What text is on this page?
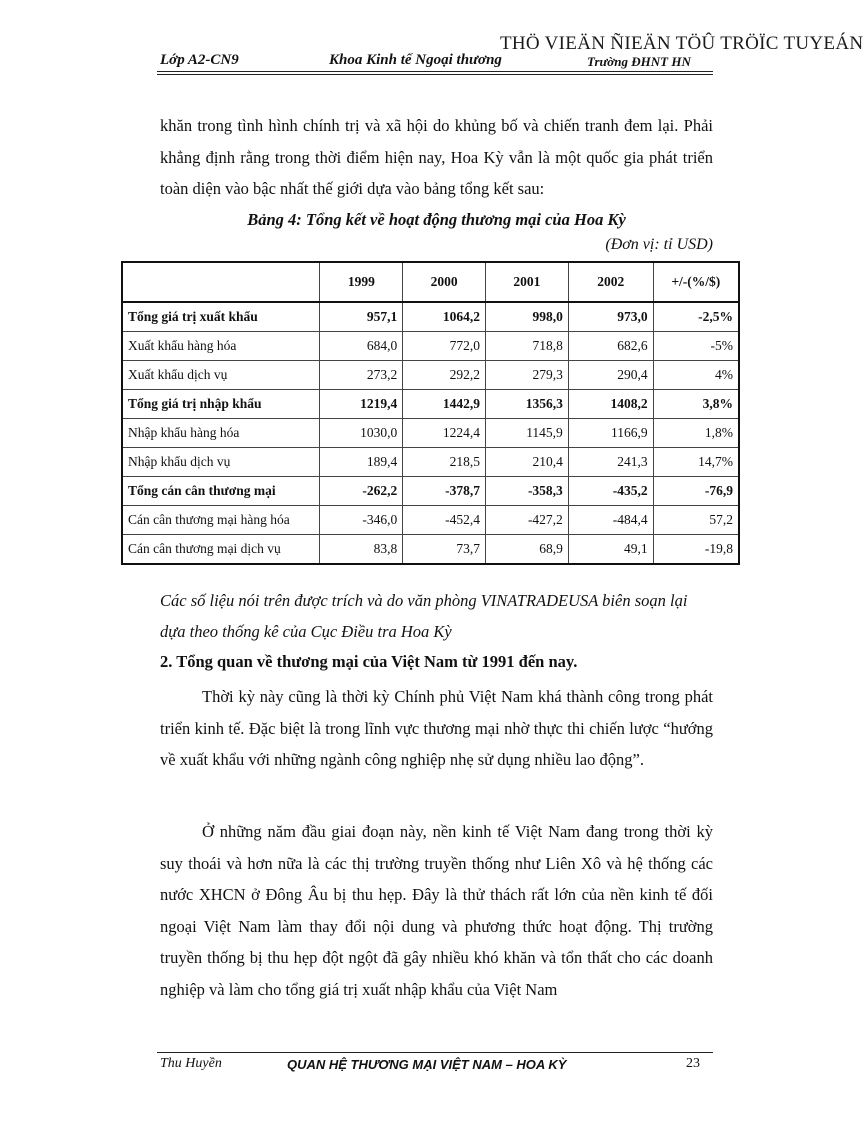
THÖ VIEÄN ÑIEÄN TÖÛ TRÖÏC TUYEÁN
Lớp A2-CN9	Khoa Kinh tế Ngoại thương	Trường ĐHNT HN
khăn trong tình hình chính trị và xã hội do khủng bố và chiến tranh đem lại. Phải khẳng định rằng trong thời điểm hiện nay, Hoa Kỳ vẫn là một quốc gia phát triển toàn diện vào bậc nhất thế giới dựa vào bảng tổng kết sau:
Bảng 4: Tổng kết về hoạt động thương mại của Hoa Kỳ
(Đơn vị: tỉ USD)
	1999	2000	2001	2002	+/-(%/$)
Tổng giá trị xuất khẩu	957,1	1064,2	998,0	973,0	-2,5%
Xuất khẩu hàng hóa	684,0	772,0	718,8	682,6	-5%
Xuất khẩu dịch vụ	273,2	292,2	279,3	290,4	4%
Tổng giá trị nhập khẩu	1219,4	1442,9	1356,3	1408,2	3,8%
Nhập khẩu hàng hóa	1030,0	1224,4	1145,9	1166,9	1,8%
Nhập khẩu dịch vụ	189,4	218,5	210,4	241,3	14,7%
Tổng cán cân thương mại	-262,2	-378,7	-358,3	-435,2	-76,9
Cán cân thương mại hàng hóa	-346,0	-452,4	-427,2	-484,4	57,2
Cán cân thương mại dịch vụ	83,8	73,7	68,9	49,1	-19,8
Các số liệu nói trên được trích và do văn phòng VINATRADEUSA biên soạn lại dựa theo thống kê của Cục Điều tra Hoa Kỳ
2. Tổng quan về thương mại của Việt Nam từ 1991 đến nay.
Thời kỳ này cũng là thời kỳ Chính phủ Việt Nam khá thành công trong phát triển kinh tế. Đặc biệt là trong lĩnh vực thương mại nhờ thực thi chiến lược “hướng về xuất khẩu với những ngành công nghiệp nhẹ sử dụng nhiều lao động”.
Ở những năm đầu giai đoạn này, nền kinh tế Việt Nam đang trong thời kỳ suy thoái và hơn nữa là các thị trường truyền thống như Liên Xô và hệ thống các nước XHCN ở Đông Âu bị thu hẹp. Đây là thử thách rất lớn của nền kinh tế đối ngoại Việt Nam làm thay đổi nội dung và phương thức hoạt động. Thị trường truyền thống bị thu hẹp đột ngột đã gây nhiều khó khăn và tổn thất cho các doanh nghiệp và làm cho tổng giá trị xuất nhập khẩu của Việt Nam
Thu Huyền	QUAN HỆ THƯƠNG MẠI VIỆT NAM – HOA KỲ	23
